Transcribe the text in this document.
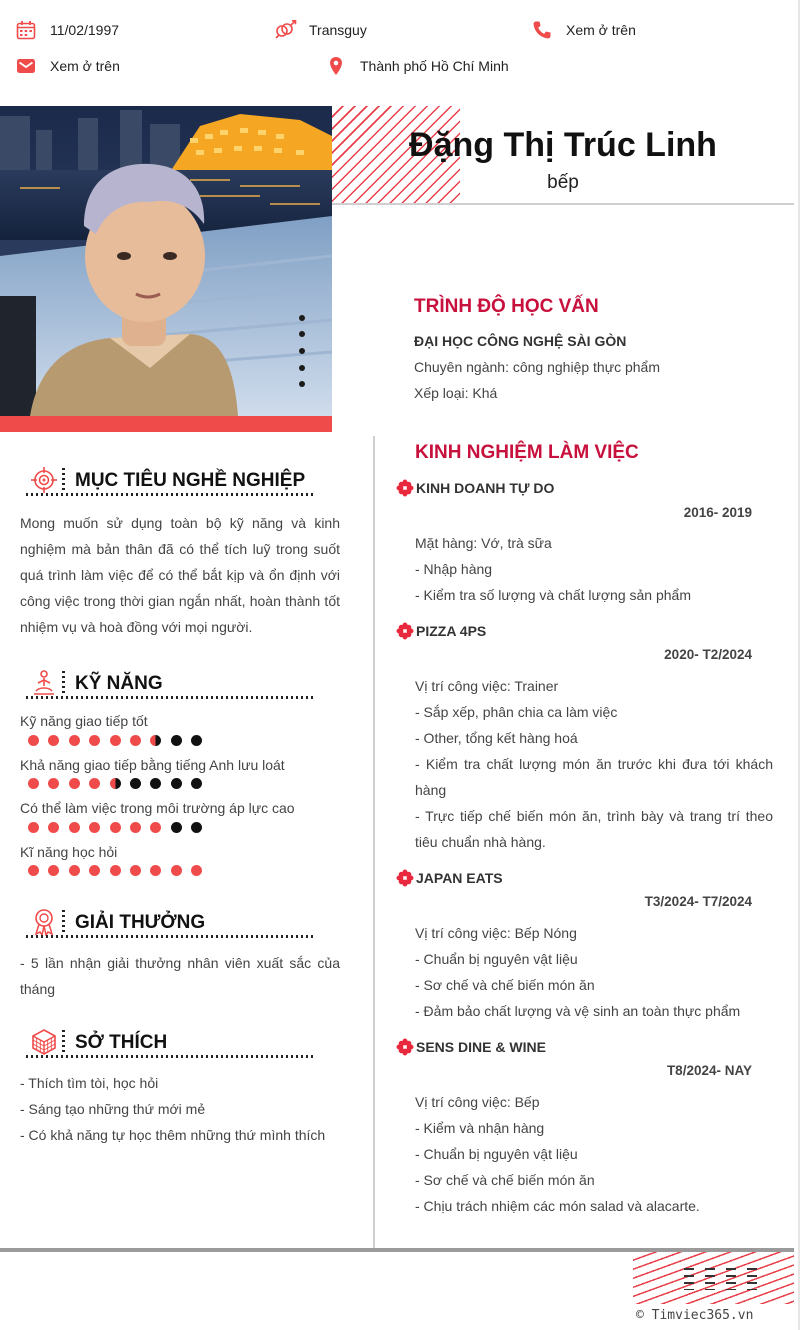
11/02/1997	Transguy	Xem ở trên
Xem ở trên	Thành phố Hồ Chí Minh
Đặng Thị Trúc Linh
bếp
TRÌNH ĐỘ HỌC VẤN
ĐẠI HỌC CÔNG NGHỆ SÀI GÒN
Chuyên ngành: công nghiệp thực phẩm
Xếp loại: Khá
KINH NGHIỆM LÀM VIỆC
KINH DOANH TỰ DO
2016- 2019
Mặt hàng: Vớ, trà sữa
- Nhập hàng
- Kiểm tra số lượng và chất lượng sản phẩm
PIZZA 4PS
2020- T2/2024
Vị trí công việc: Trainer
- Sắp xếp, phân chia ca làm việc
- Other, tổng kết hàng hoá
- Kiểm tra chất lượng món ăn trước khi đưa tới khách hàng
- Trực tiếp chế biến món ăn, trình bày và trang trí theo tiêu chuẩn nhà hàng.
JAPAN EATS
T3/2024- T7/2024
Vị trí công việc: Bếp Nóng
- Chuẩn bị nguyên vật liệu
- Sơ chế và chế biến món ăn
- Đảm bảo chất lượng và vệ sinh an toàn thực phẩm
SENS DINE & WINE
T8/2024- NAY
Vị trí công việc: Bếp
- Kiểm và nhận hàng
- Chuẩn bị nguyên vật liệu
- Sơ chế và chế biến món ăn
- Chịu trách nhiệm các món salad và alacarte.
MỤC TIÊU NGHỀ NGHIỆP
Mong muốn sử dụng toàn bộ kỹ năng và kinh nghiệm mà bản thân đã có thể tích luỹ trong suốt quá trình làm việc để có thể bắt kịp và ổn định với công việc trong thời gian ngắn nhất, hoàn thành tốt nhiệm vụ và hoà đồng với mọi người.
KỸ NĂNG
Kỹ năng giao tiếp tốt
Khả năng giao tiếp bằng tiếng Anh lưu loát
Có thể làm việc trong môi trường áp lực cao
Kĩ năng học hỏi
GIẢI THƯỞNG
- 5 lần nhận giải thưởng nhân viên xuất sắc của tháng
SỞ THÍCH
- Thích tìm tòi, học hỏi
- Sáng tạo những thứ mới mẻ
- Có khả năng tự học thêm những thứ mình thích
© Timviec365.vn
